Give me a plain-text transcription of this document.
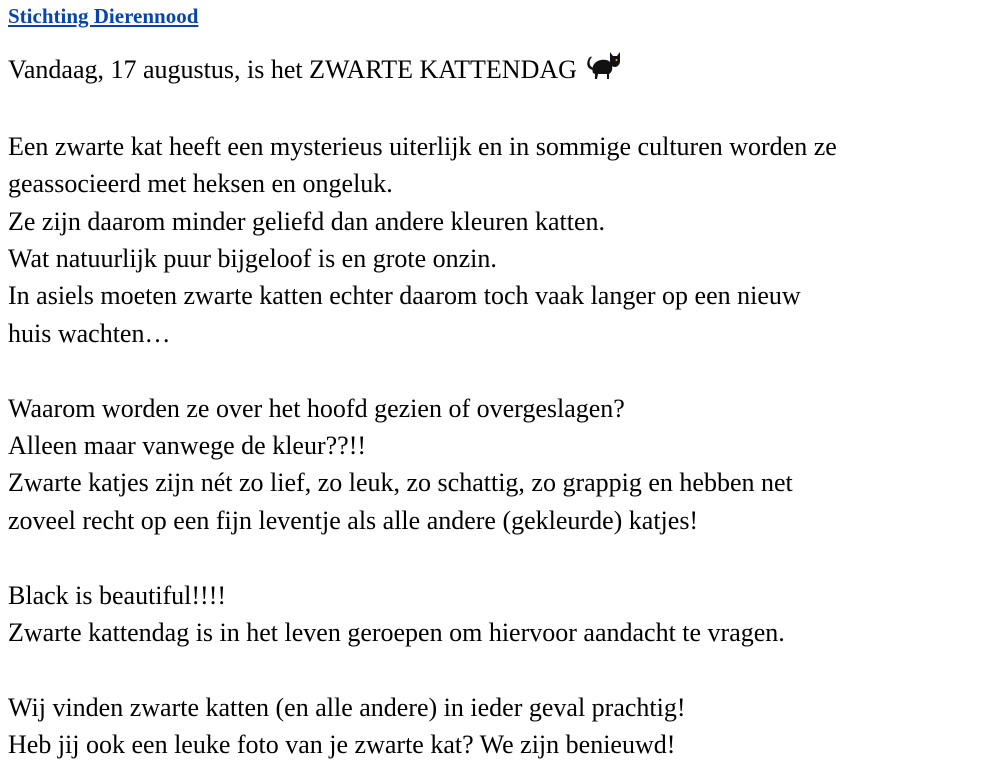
Stichting Dierennood

Vandaag, 17 augustus, is het ZWARTE KATTENDAG

Een zwarte kat heeft een mysterieus uiterlijk en in sommige culturen worden ze

geassocieerd met heksen en ongeluk.

Ze zijn daarom minder geliefd dan andere kleuren katten.

Wat natuurlijk puur bijgeloof is en grote onzin.

In asiels moeten zwarte katten echter daarom toch vaak langer op een nieuw

huis wachten…

Waarom worden ze over het hoofd gezien of overgeslagen?

Alleen maar vanwege de kleur??!!

Zwarte katjes zijn nét zo lief, zo leuk, zo schattig, zo grappig en hebben net

zoveel recht op een fijn leventje als alle andere (gekleurde) katjes!

Black is beautiful!!!!

Zwarte kattendag is in het leven geroepen om hiervoor aandacht te vragen.

Wij vinden zwarte katten (en alle andere) in ieder geval prachtig!

Heb jij ook een leuke foto van je zwarte kat? We zijn benieuwd!
